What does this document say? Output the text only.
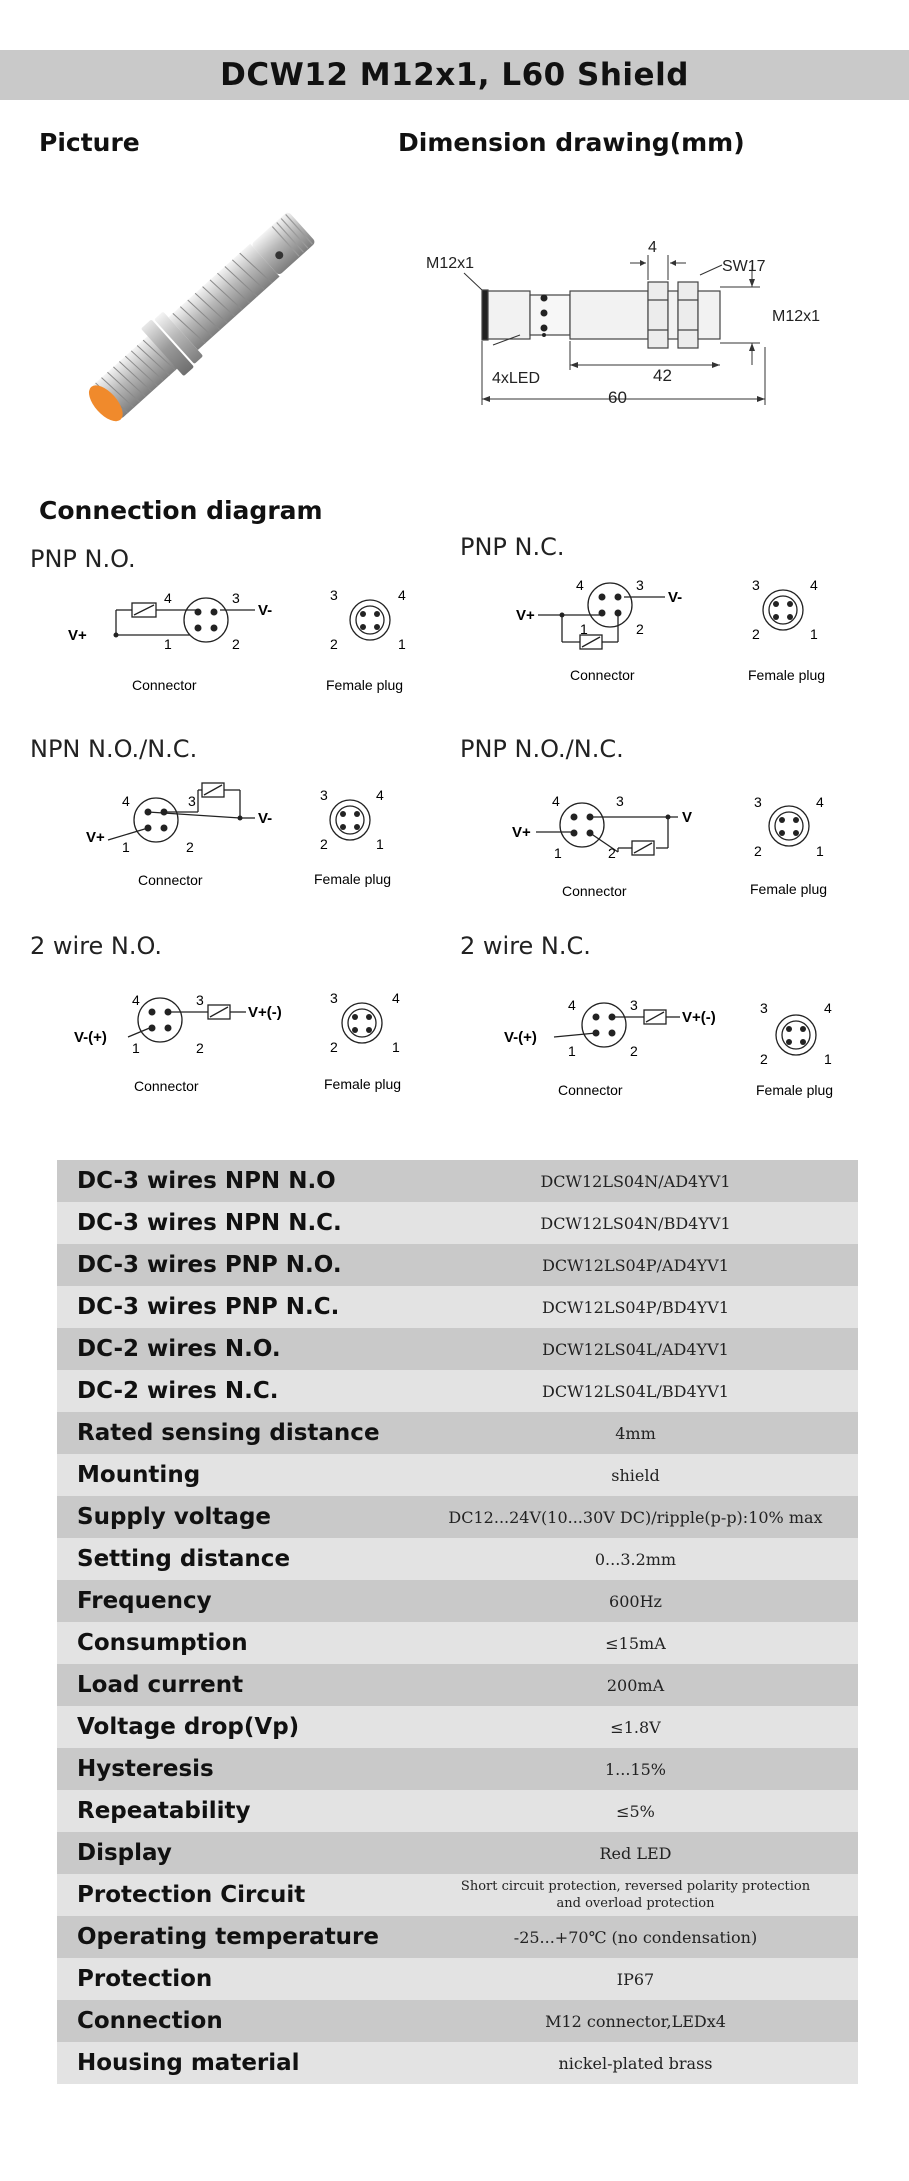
DCW12 M12x1, L60 Shield
Picture	Dimension drawing(mm)
Connection diagram
M12x1
4
SW17
M12x1
4xLED	42
60
PNP N.O.	PNP N.C.
NPN N.O./N.C.	PNP N.O./N.C.
2 wire N.O.	2 wire N.C.
V+
V-
4	3
1	2
Connector
3	4
2	1
Female plug
V+
V-
4	3
1	2
Connector
3	4
2	1
Female plug
V+
V-
4	3
1	2
Connector
3	4
2	1
Female plug
V+
V
4	3
1	2
Connector
3	4
2	1
Female plug
V-(+)
V+(-)
4	3
1	2
Connector
3	4
2	1
Female plug
V-(+)
V+(-)
4	3
1	2
Connector
3	4
2	1
Female plug
DC-3 wires NPN N.O	DCW12LS04N/AD4YV1
DC-3 wires NPN N.C.	DCW12LS04N/BD4YV1
DC-3 wires PNP N.O.	DCW12LS04P/AD4YV1
DC-3 wires PNP N.C.	DCW12LS04P/BD4YV1
DC-2 wires N.O.	DCW12LS04L/AD4YV1
DC-2 wires N.C.	DCW12LS04L/BD4YV1
Rated sensing distance	4mm
Mounting	shield
Supply voltage	DC12...24V(10...30V DC)/ripple(p-p):10% max
Setting distance	0...3.2mm
Frequency	600Hz
Consumption	≤15mA
Load current	200mA
Voltage drop(Vp)	≤1.8V
Hysteresis	1...15%
Repeatability	≤5%
Display	Red LED
Protection Circuit	Short circuit protection, reversed polarity protection
and overload protection
Operating temperature	-25...+70℃ (no condensation)
Protection	IP67
Connection	M12 connector,LEDx4
Housing material	nickel-plated brass
